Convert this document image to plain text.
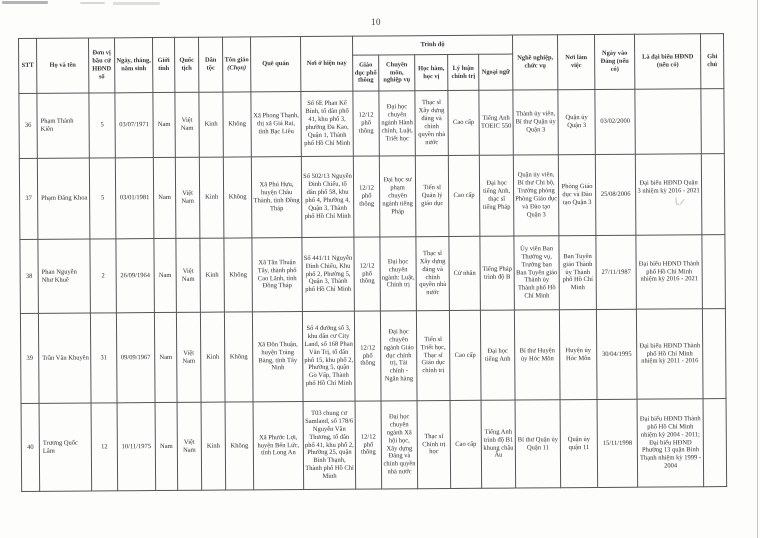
10
STT	Họ và tên	Đơn vị bầu cử HĐND số	Ngày, tháng, năm sinh	Giới tính	Quốc tịch	Dân tộc	Tôn giáo
(Chọn)	Quê quán	Nơi ở hiện nay	Trình độ					Nghề nghiệp, chức vụ	Nơi làm việc	Ngày vào Đảng (nếu có)	Là đại biểu HĐND (nếu có)	Ghi chú
										Giáo dục phổ thông	Chuyên môn, nghiệp vụ	Học hàm, học vị	Lý luận chính trị	Ngoại ngữ					

36	Phạm Thành Kiên	5	03/07/1971	Nam	Việt Nam	Kinh	Không	Xã Phong Thạnh, thị xã Giá Rai, tỉnh Bạc Liêu	Số 6E Phan Kế Bính, tổ dân phố 41, khu phố 3, phường Đa Kao, Quận 1, Thành phố Hồ Chí Minh	12/12 phổ thông	Đại học chuyên ngành Hành chính, Luật, Triết học	Thạc sĩ Xây dựng đảng và chính quyền nhà nước	Cao cấp	Tiếng Anh TOEIC 550	Thành ủy viên, Bí thư Quận ủy Quận 3	Quận ủy Quận 3	03/02/2000		

37	Phạm Đăng Khoa	5	03/01/1981	Nam	Việt Nam	Kinh	Không	Xã Phú Hựu, huyện Châu Thành, tỉnh Đồng Tháp	Số 502/13 Nguyễn Đình Chiểu, tổ dân phố 58, khu phố 4, Phường 4, Quận 3, Thành phố Hồ Chí Minh	12/12 phổ thông	Đại học sư phạm chuyên ngành tiếng Pháp	Tiến sĩ Quản lý giáo dục	Cao cấp	Đại học tiếng Anh, thạc sĩ tiếng Pháp	Quận ủy viên, Bí thư Chi bộ, Trưởng phòng Phòng Giáo dục và Đào tạo Quận 3	Phòng Giáo dục và Đào tạo Quận 3	25/08/2006	Đại biểu HĐND Quận 3 nhiệm kỳ 2016 - 2021	

38	Phan Nguyễn Như Khuê	2	26/09/1964	Nam	Việt Nam	Kinh	Không	Xã Tân Thuận Tây, thành phố Cao Lãnh, tỉnh Đồng Tháp	Số 441/11 Nguyễn Đình Chiểu, Khu phố 2, Phường 5, Quận 3, Thành phố Hồ Chí Minh	12/12 phổ thông	Đại học chuyên ngành: Luật, Chính trị	Thạc sĩ Xây dựng đảng và chính quyền nhà nước	Cử nhân	Tiếng Pháp trình độ B	Ủy viên Ban Thường vụ, Trưởng ban Ban Tuyên giáo Thành ủy Thành phố Hồ Chí Minh	Ban Tuyên giáo Thành ủy Thành phố Hồ Chí Minh	27/11/1987	Đại biểu HĐND Thành phố Hồ Chí Minh nhiệm kỳ 2016 - 2021	

39	Trần Văn Khuyên	31	09/09/1967	Nam	Việt Nam	Kinh	Không	Xã Đôn Thuận, huyện Trảng Bàng, tỉnh Tây Ninh	Số 4 đường số 3, khu dân cư City Land, số 168 Phan Văn Trị, tổ dân phố 15, khu phố 2, Phường 5, quận Gò Vấp, Thành phố Hồ Chí Minh	12/12 phổ thông	Đại học chuyên ngành Giáo dục chính trị, Tài chính - Ngân hàng	Tiến sĩ Triết học, Thạc sĩ Giáo dục chính trị	Cao cấp	Đại học tiếng Anh	Bí thư Huyện ủy Hóc Môn	Huyện ủy Hóc Môn	30/04/1995	Đại biểu HĐND Thành phố Hồ Chí Minh nhiệm kỳ 2011 - 2016	

40	Trương Quốc Lâm	12	10/11/1975	Nam	Việt Nam	Kinh	Không	Xã Phước Lợi, huyện Bến Lức, tỉnh Long An	T03 chung cư Samland, số 178/6 Nguyễn Văn Thương, tổ dân phố 41, khu phố 2, Phường 25, quận Bình Thạnh, Thành phố Hồ Chí Minh	12/12 phổ thông	Đại học chuyên ngành Xã hội học, Xây dựng Đảng và chính quyền nhà nước	Thạc sĩ Chính trị học	Cao cấp	Tiếng Anh trình độ B1 khung châu Âu	Bí thư Quận ủy Quận 11	Quận ủy quận 11	15/11/1998	Đại biểu HĐND Thành phố Hồ Chí Minh nhiệm kỳ 2004 - 2011; Đại biểu HĐND Phường 13 quận Bình Thạnh nhiệm kỳ 1999 - 2004	
